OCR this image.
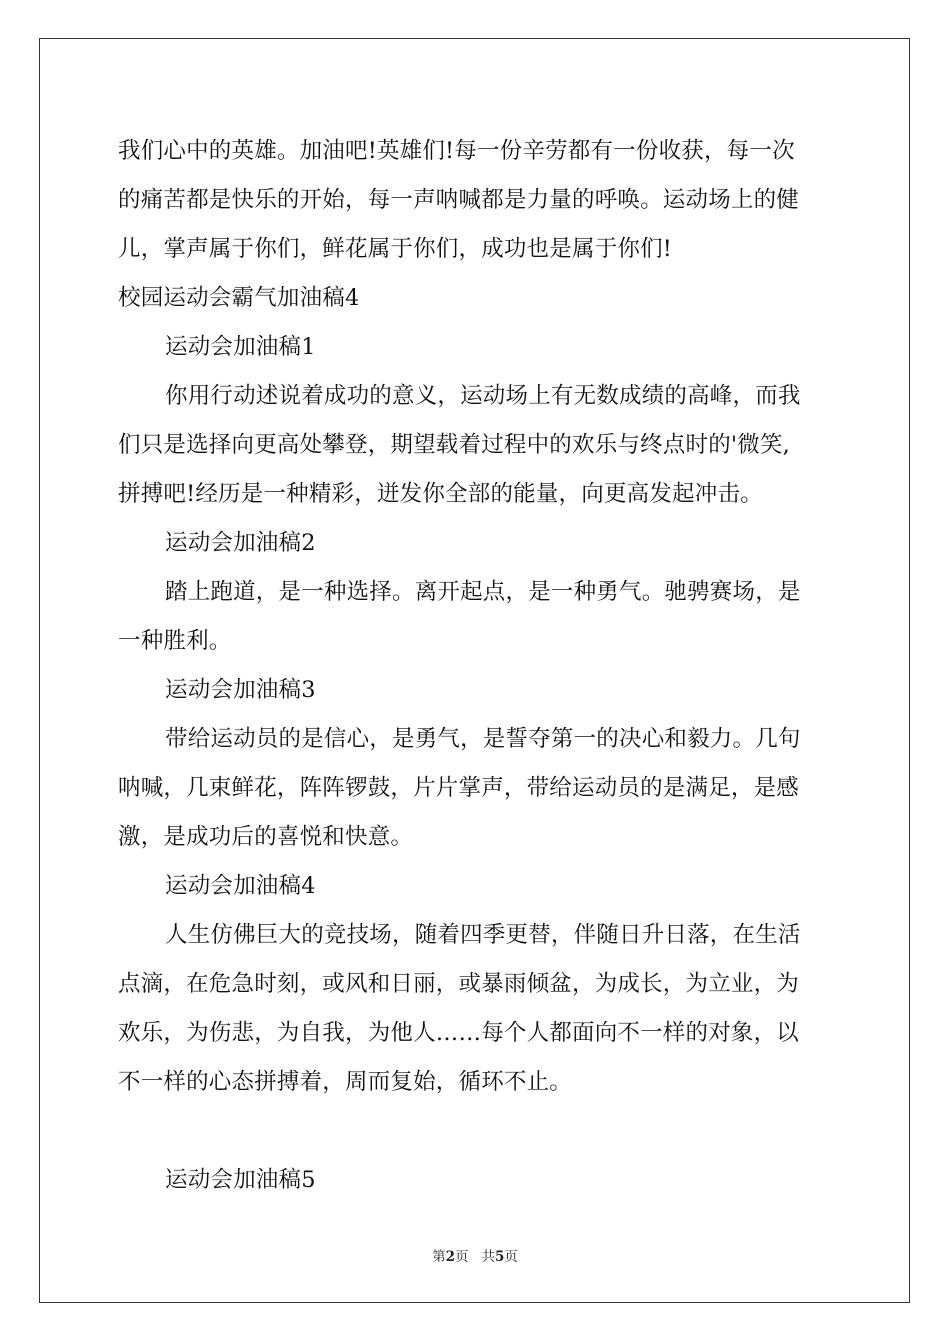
我们心中的英雄。加油吧!英雄们!每一份辛劳都有一份收获，每一次
的痛苦都是快乐的开始，每一声呐喊都是力量的呼唤。运动场上的健
儿，掌声属于你们，鲜花属于你们，成功也是属于你们!
校园运动会霸气加油稿4
运动会加油稿1
你用行动述说着成功的意义，运动场上有无数成绩的高峰，而我
们只是选择向更高处攀登，期望载着过程中的欢乐与终点时的'微笑,
拼搏吧!经历是一种精彩，迸发你全部的能量，向更高发起冲击。
运动会加油稿2
踏上跑道，是一种选择。离开起点，是一种勇气。驰骋赛场，是
一种胜利。
运动会加油稿3
带给运动员的是信心，是勇气，是誓夺第一的决心和毅力。几句
呐喊，几束鲜花，阵阵锣鼓，片片掌声，带给运动员的是满足，是感
激，是成功后的喜悦和快意。
运动会加油稿4
人生仿佛巨大的竞技场，随着四季更替，伴随日升日落，在生活
点滴，在危急时刻，或风和日丽，或暴雨倾盆，为成长，为立业，为
欢乐，为伤悲，为自我，为他人……每个人都面向不一样的对象，以
不一样的心态拼搏着，周而复始，循环不止。
运动会加油稿5
第2页 共5页
